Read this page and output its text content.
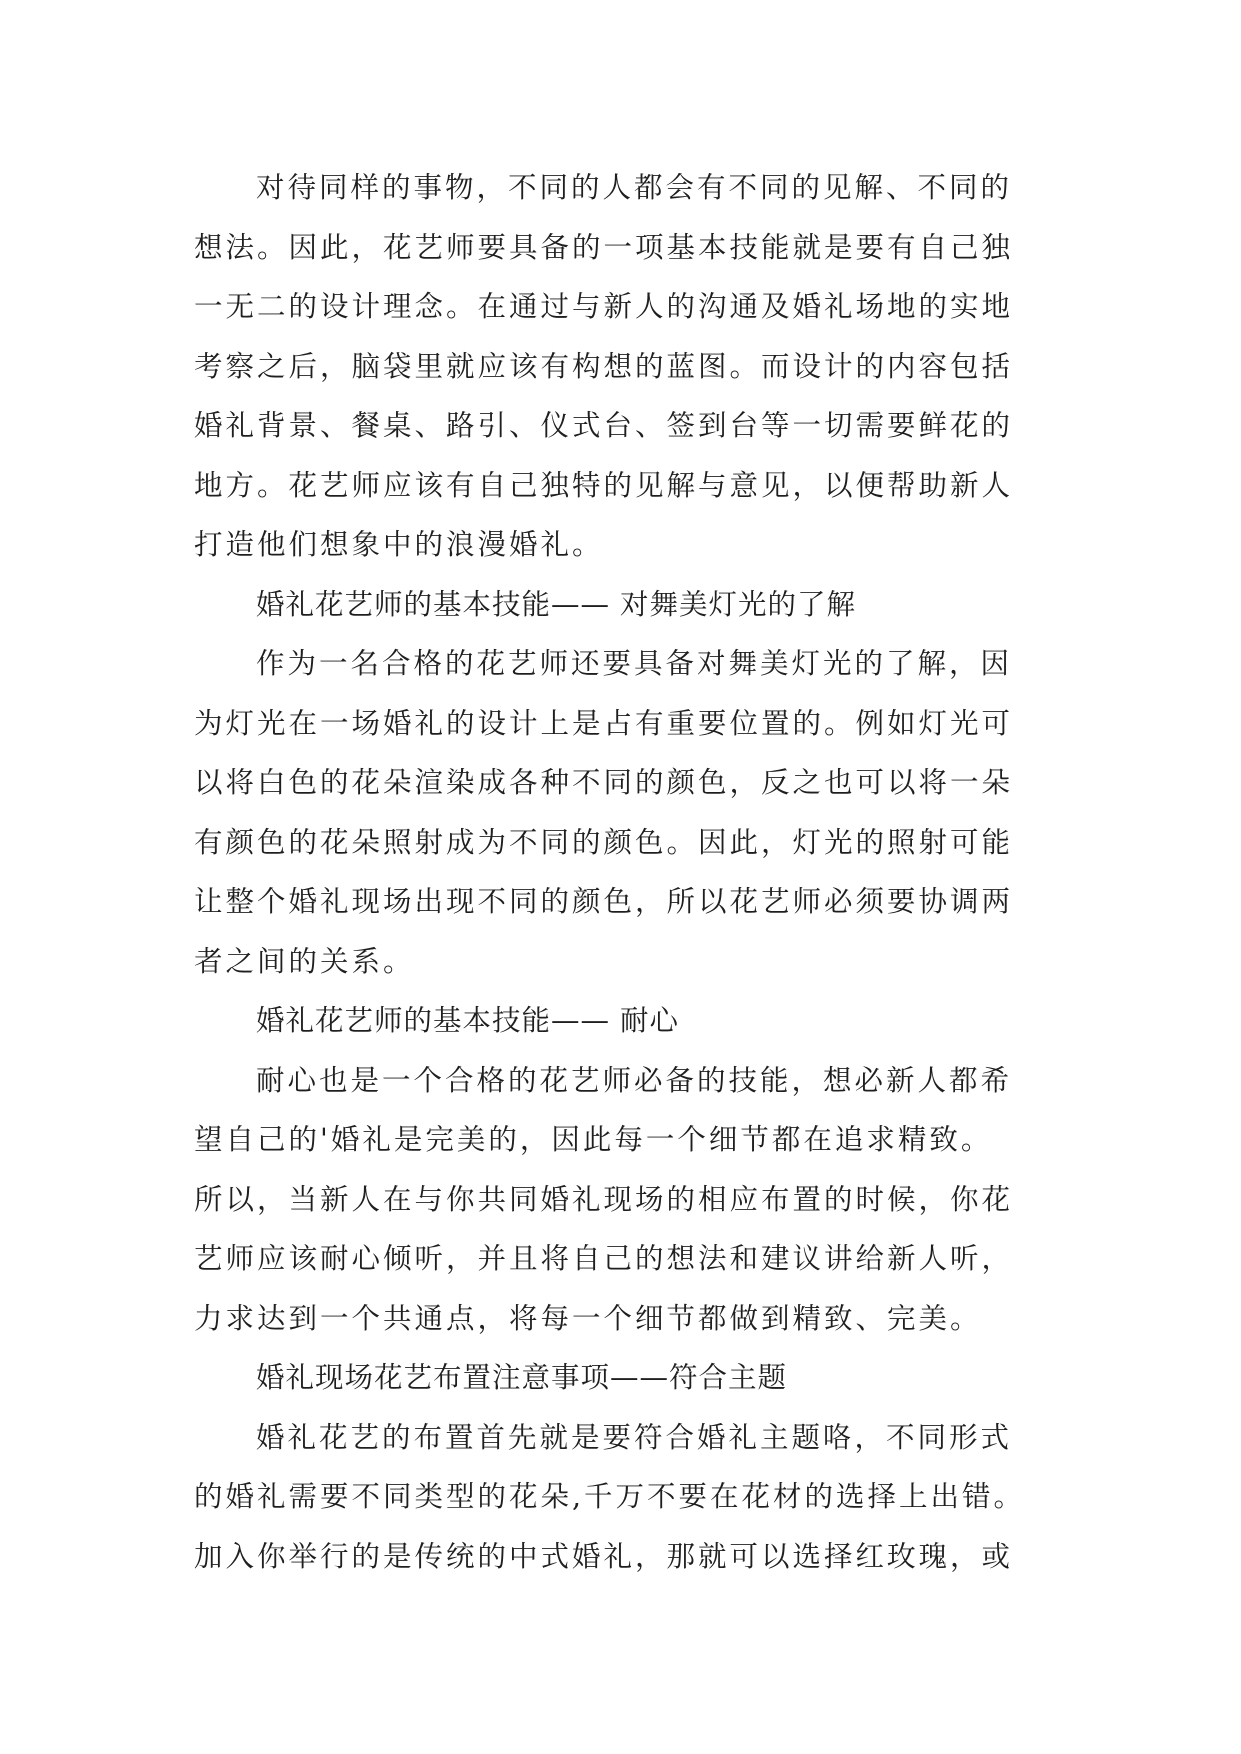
对待同样的事物，不同的人都会有不同的见解、不同的
想法。因此，花艺师要具备的一项基本技能就是要有自己独
一无二的设计理念。在通过与新人的沟通及婚礼场地的实地
考察之后，脑袋里就应该有构想的蓝图。而设计的内容包括
婚礼背景、餐桌、路引、仪式台、签到台等一切需要鲜花的
地方。花艺师应该有自己独特的见解与意见，以便帮助新人
打造他们想象中的浪漫婚礼。
婚礼花艺师的基本技能—— 对舞美灯光的了解
作为一名合格的花艺师还要具备对舞美灯光的了解，因
为灯光在一场婚礼的设计上是占有重要位置的。例如灯光可
以将白色的花朵渲染成各种不同的颜色，反之也可以将一朵
有颜色的花朵照射成为不同的颜色。因此，灯光的照射可能
让整个婚礼现场出现不同的颜色，所以花艺师必须要协调两
者之间的关系。
婚礼花艺师的基本技能—— 耐心
耐心也是一个合格的花艺师必备的技能，想必新人都希
望自己的'婚礼是完美的，因此每一个细节都在追求精致。
所以，当新人在与你共同婚礼现场的相应布置的时候，你花
艺师应该耐心倾听，并且将自己的想法和建议讲给新人听，
力求达到一个共通点，将每一个细节都做到精致、完美。
婚礼现场花艺布置注意事项——符合主题
婚礼花艺的布置首先就是要符合婚礼主题咯，不同形式
的婚礼需要不同类型的花朵,千万不要在花材的选择上出错。
加入你举行的是传统的中式婚礼，那就可以选择红玫瑰，或
